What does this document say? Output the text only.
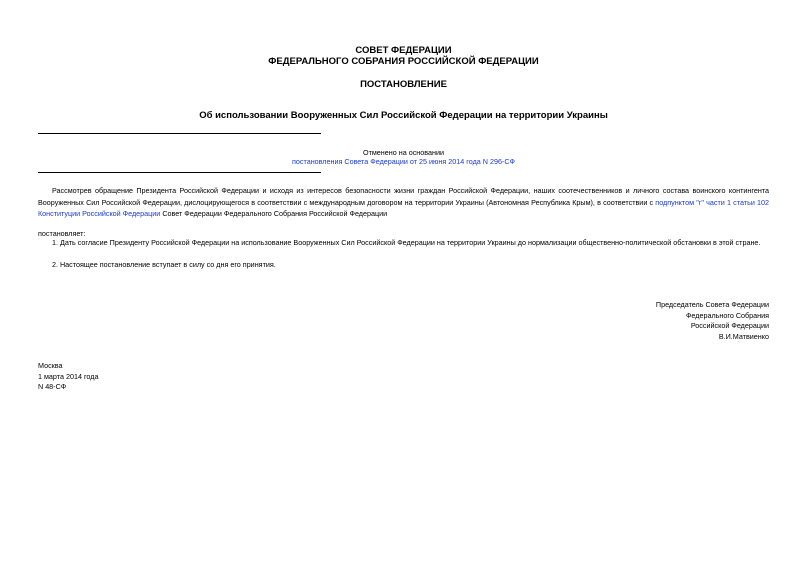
СОВЕТ ФЕДЕРАЦИИ
ФЕДЕРАЛЬНОГО СОБРАНИЯ РОССИЙСКОЙ ФЕДЕРАЦИИ
ПОСТАНОВЛЕНИЕ
Об использовании Вооруженных Сил Российской Федерации на территории Украины
Отменено на основании
постановления Совета Федерации от 25 июня 2014 года N 296-СФ
Рассмотрев обращение Президента Российской Федерации и исходя из интересов безопасности жизни граждан Российской Федерации, наших соотечественников и личного состава воинского контингента Вооруженных Сил Российской Федерации, дислоцирующегося в соответствии с международным договором на территории Украины (Автономная Республика Крым), в соответствии с подпунктом "г" части 1 статьи 102 Конституции Российской Федерации Совет Федерации Федерального Собрания Российской Федерации
постановляет:
1. Дать согласие Президенту Российской Федерации на использование Вооруженных Сил Российской Федерации на территории Украины до нормализации общественно-политической обстановки в этой стране.
2. Настоящее постановление вступает в силу со дня его принятия.
Председатель Совета Федерации
Федерального Собрания
Российской Федерации
В.И.Матвиенко
Москва
1 марта 2014 года
N 48-СФ
